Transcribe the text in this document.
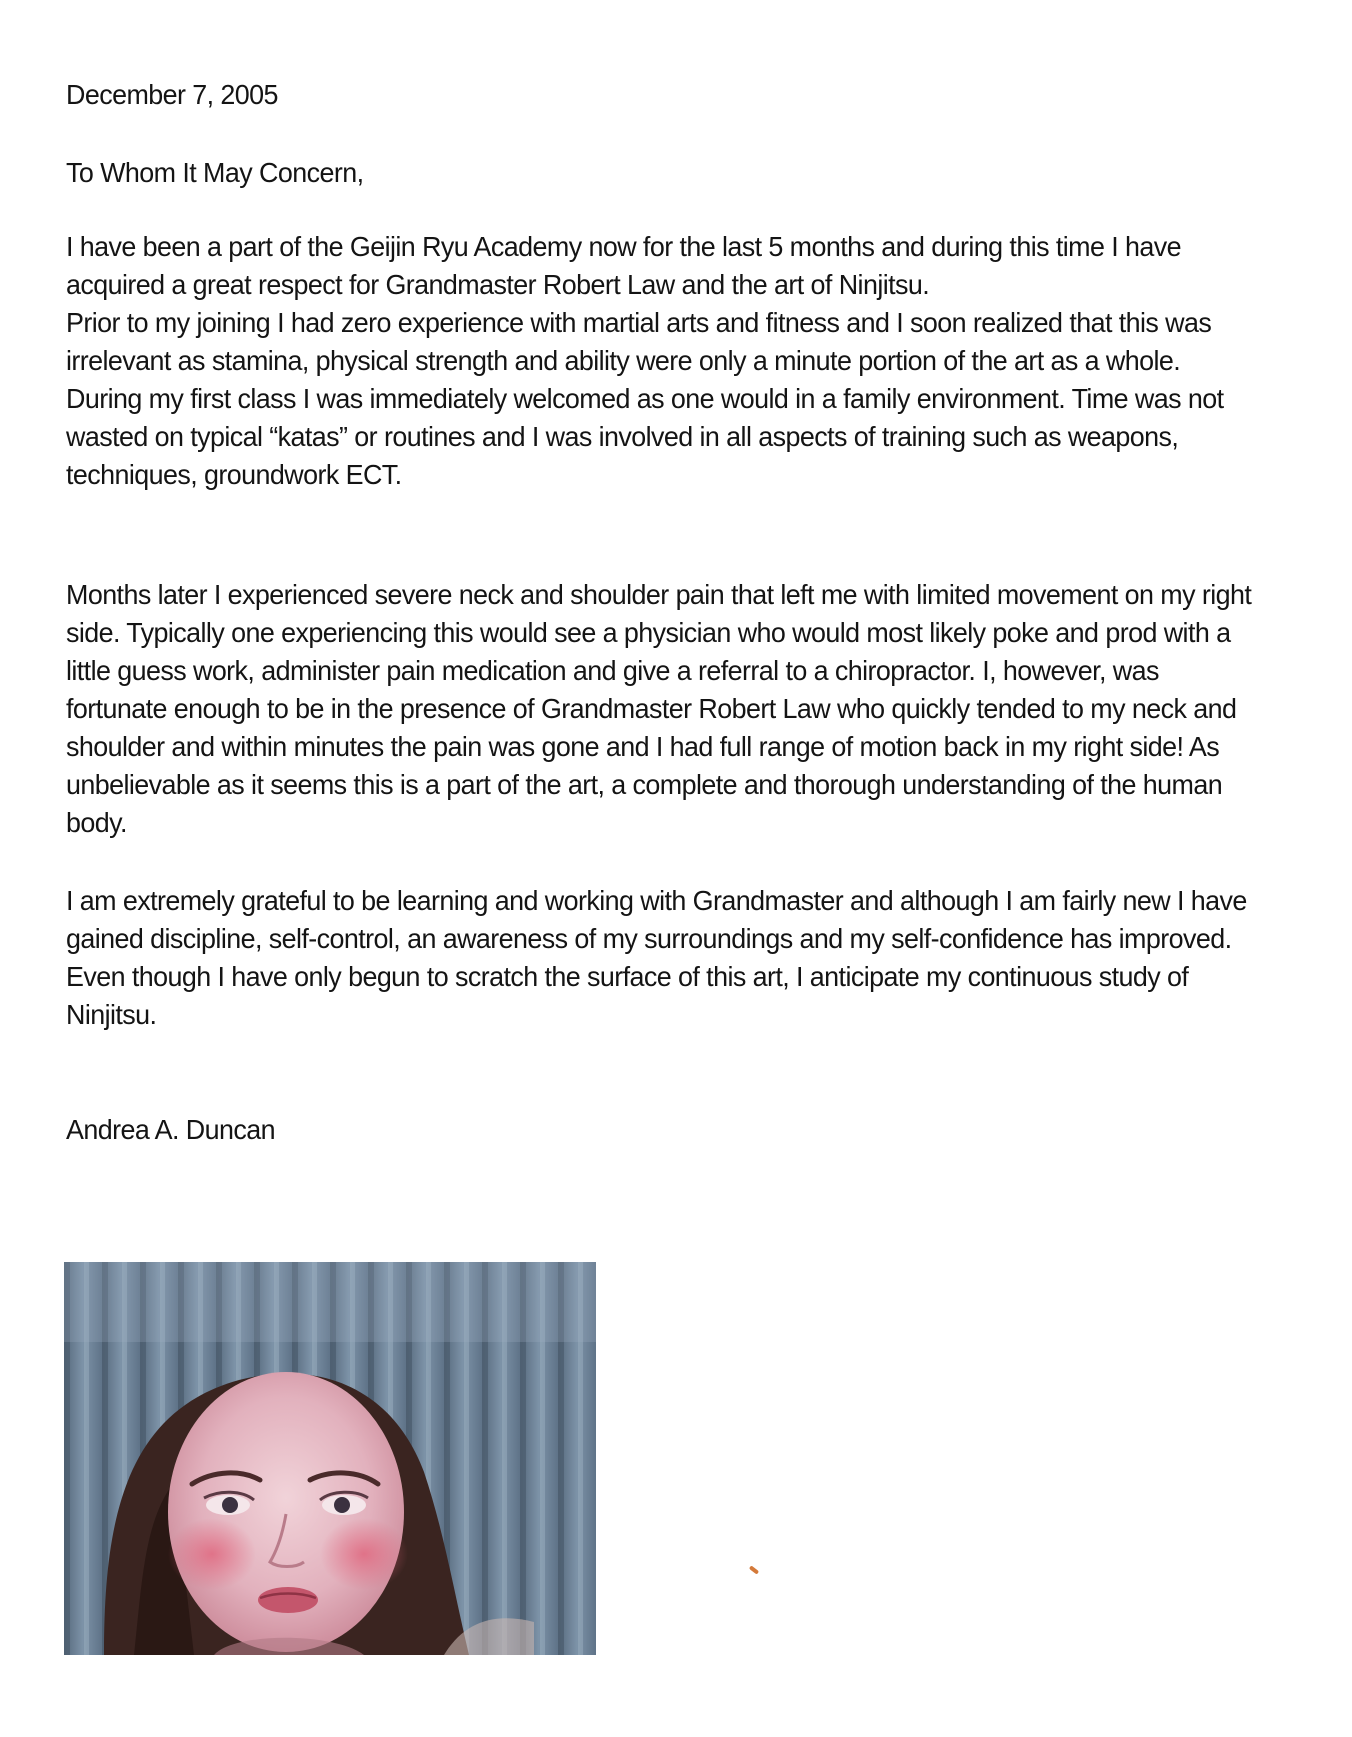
December 7, 2005
To Whom It May Concern,

I have been a part of the Geijin Ryu Academy now for the last 5 months and during this time I have acquired a great respect for Grandmaster Robert Law and the art of Ninjitsu.

Prior to my joining I had zero experience with martial arts and fitness and I soon realized that this was irrelevant as stamina, physical strength and ability were only a minute portion of the art as a whole.

During my first class I was immediately welcomed as one would in a family environment. Time was not wasted on typical “katas” or routines and I was involved in all aspects of training such as weapons, techniques, groundwork ECT.

Months later I experienced severe neck and shoulder pain that left me with limited movement on my right side. Typically one experiencing this would see a physician who would most likely poke and prod with a little guess work, administer pain medication and give a referral to a chiropractor. I, however, was fortunate enough to be in the presence of Grandmaster Robert Law who quickly tended to my neck and shoulder and within minutes the pain was gone and I had full range of motion back in my right side! As unbelievable as it seems this is a part of the art, a complete and thorough understanding of the human body.

I am extremely grateful to be learning and working with Grandmaster and although I am fairly new I have gained discipline, self-control, an awareness of my surroundings and my self-confidence has improved. Even though I have only begun to scratch the surface of this art, I anticipate my continuous study of Ninjitsu.

Andrea A. Duncan
